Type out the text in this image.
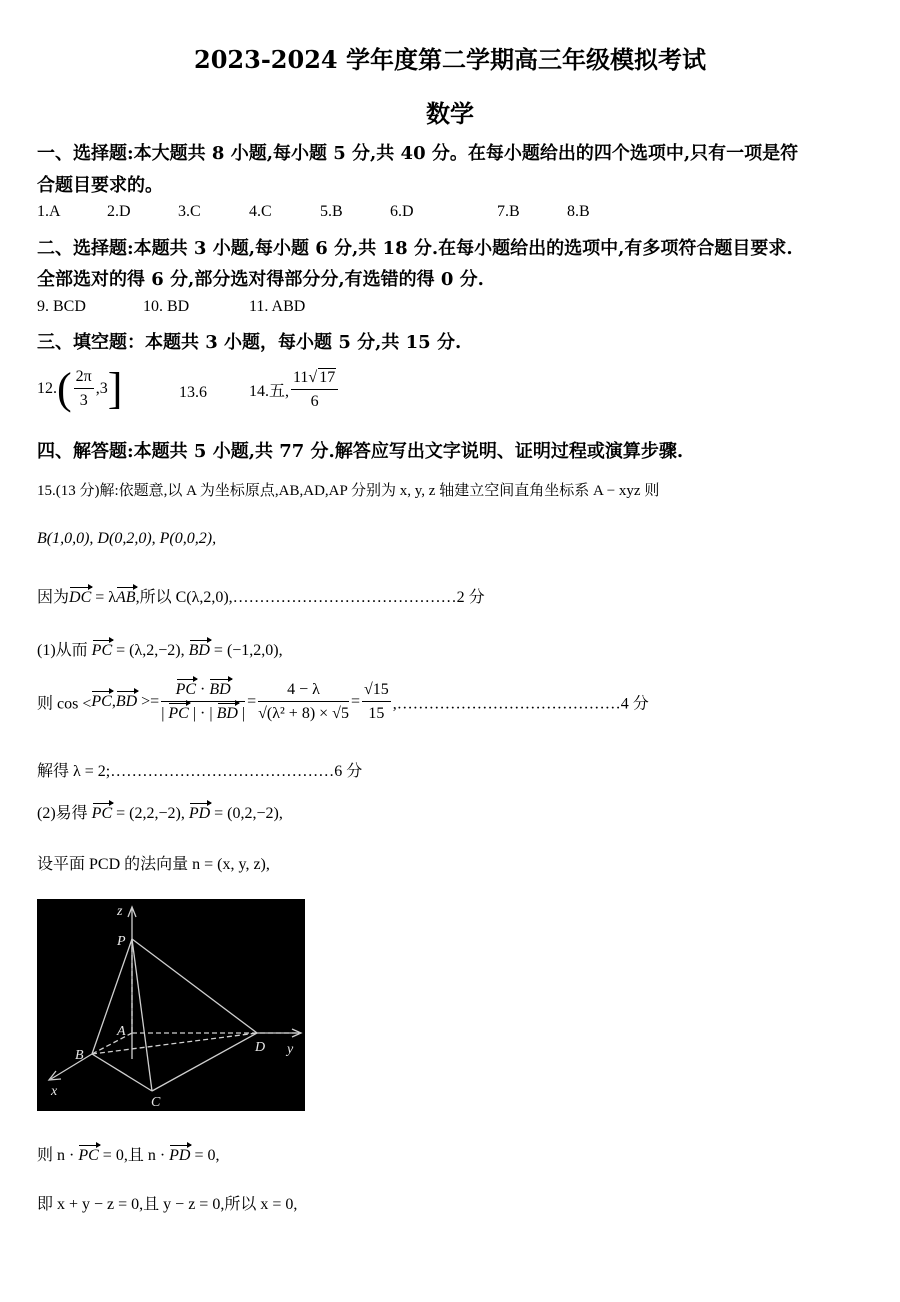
2023-2024 学年度第二学期高三年级模拟考试
数学
一、选择题:本大题共 8 小题,每小题 5 分,共 40 分。在每小题给出的四个选项中,只有一项是符
合题目要求的。
1.A	2.D	3.C	4.C	5.B	6.D	7.B	8.B
二、选择题:本题共 3 小题,每小题 6 分,共 18 分.在每小题给出的选项中,有多项符合题目要求.
全部选对的得 6 分,部分选对得部分分,有选错的得 0 分.
9. BCD	10. BD	11. ABD
三、填空题：本题共 3 小题，每小题 5 分,共 15 分.
$12.( \frac{2\pi}{3} ,3]$	13.6	14.五, $\frac{11√ 17}{6}$
四、解答题:本题共 5 小题,共 77 分.解答应写出文字说明、证明过程或演算步骤.
15.(13 分)解:依题意,以 A 为坐标原点,AB,AD,AP 分别为 x, y, z 轴建立空间直角坐标系 A − xyz 则
B(1,0,0), D(0,2,0), P(0,0,2),
因为DC = λAB,所以 C(λ,2,0),……………………………………2 分
(1)从而 PC = (λ,2,−2), BD = (−1,2,0),
则 $\cos <PC,BD >= \frac{PC \cdot BD}{| PC | \cdot | BD |} = \frac{4 - \lambda}{\text{√(λ² + 8) × √5}} = \frac{√15}{15}$ ,……………………………………4 分
解得 λ = 2;……………………………………6 分
(2)易得 PC = (2,2,−2), PD = (0,2,−2),
设平面 PCD 的法向量 n = (x, y, z),
z
P
A
B
D y
x
C
则 n · PC = 0,且 n · PD = 0,
即 x + y − z = 0,且 y − z = 0,所以 x = 0,
